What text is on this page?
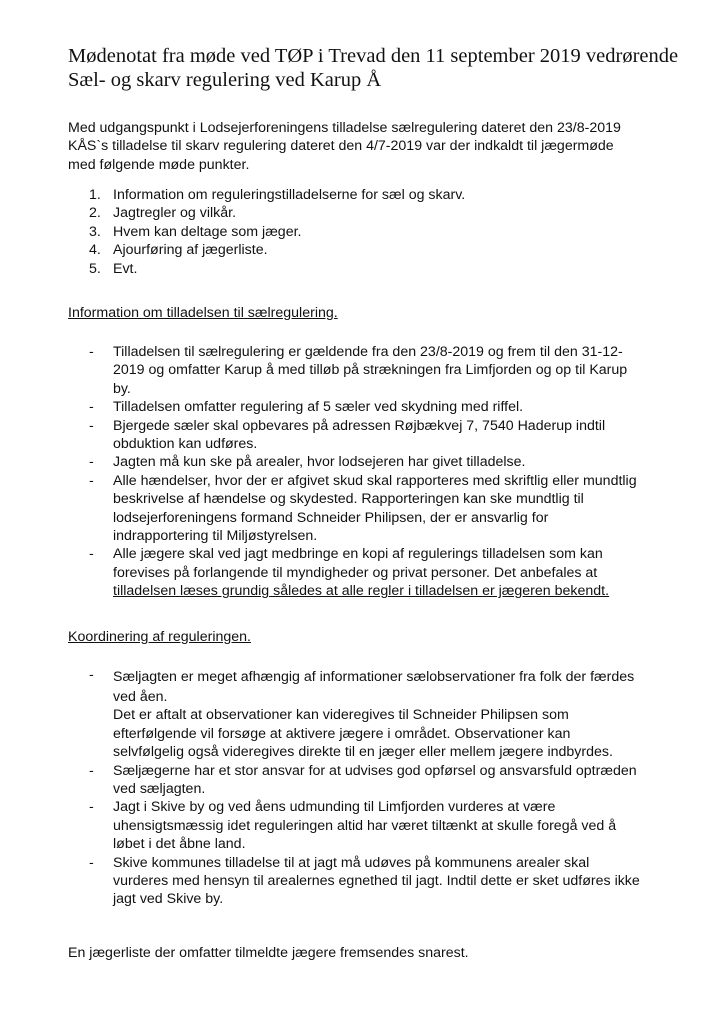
Mødenotat fra møde ved TØP i Trevad den 11 september 2019 vedrørende
Sæl- og skarv regulering ved Karup Å
Med udgangspunkt i Lodsejerforeningens tilladelse sælregulering dateret den 23/8-2019
KÅS`s tilladelse til skarv regulering dateret den 4/7-2019 var der indkaldt til jægermøde
med følgende møde punkter.
1. Information om reguleringstilladelserne for sæl og skarv.
2. Jagtregler og vilkår.
3. Hvem kan deltage som jæger.
4. Ajourføring af jægerliste.
5. Evt.
Information om tilladelsen til sælregulering.
-	Tilladelsen til sælregulering er gældende fra den 23/8-2019 og frem til den 31-12-
2019 og omfatter Karup å med tilløb på strækningen fra Limfjorden og op til Karup
by.
-	Tilladelsen omfatter regulering af 5 sæler ved skydning med riffel.
-	Bjergede sæler skal opbevares på adressen Røjbækvej 7, 7540 Haderup indtil
obduktion kan udføres.
-	Jagten må kun ske på arealer, hvor lodsejeren har givet tilladelse.
-	Alle hændelser, hvor der er afgivet skud skal rapporteres med skriftlig eller mundtlig
beskrivelse af hændelse og skydested. Rapporteringen kan ske mundtlig til
lodsejerforeningens formand Schneider Philipsen, der er ansvarlig for
indrapportering til Miljøstyrelsen.
-	Alle jægere skal ved jagt medbringe en kopi af regulerings tilladelsen som kan
forevises på forlangende til myndigheder og privat personer. Det anbefales at
tilladelsen læses grundig således at alle regler i tilladelsen er jægeren bekendt.
Koordinering af reguleringen.
-	Sæljagten er meget afhængig af informationer sælobservationer fra folk der færdes
ved åen.
Det er aftalt at observationer kan videregives til Schneider Philipsen som
efterfølgende vil forsøge at aktivere jægere i området. Observationer kan
selvfølgelig også videregives direkte til en jæger eller mellem jægere indbyrdes.
-	Sæljægerne har et stor ansvar for at udvises god opførsel og ansvarsfuld optræden
ved sæljagten.
-	Jagt i Skive by og ved åens udmunding til Limfjorden vurderes at være
uhensigtsmæssig idet reguleringen altid har været tiltænkt at skulle foregå ved å
løbet i det åbne land.
-	Skive kommunes tilladelse til at jagt må udøves på kommunens arealer skal
vurderes med hensyn til arealernes egnethed til jagt. Indtil dette er sket udføres ikke
jagt ved Skive by.
En jægerliste der omfatter tilmeldte jægere fremsendes snarest.
